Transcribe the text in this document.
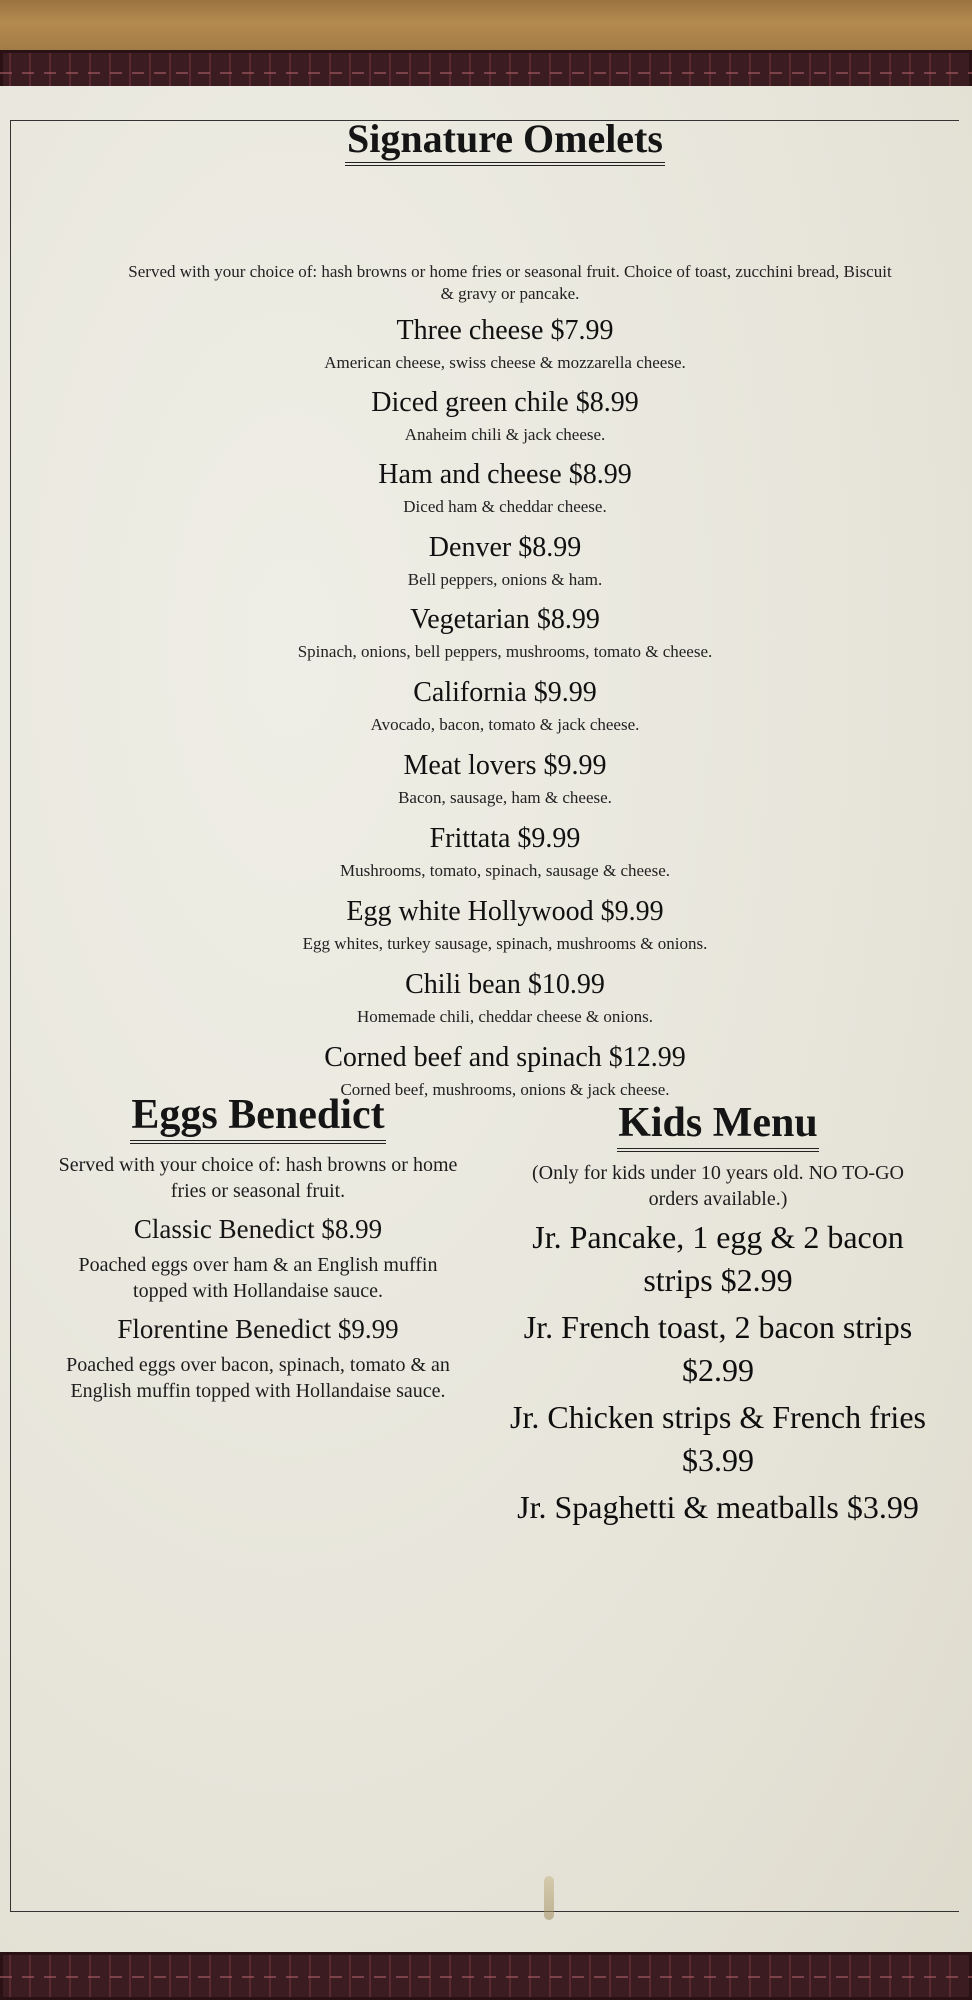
Signature Omelets
Served with your choice of: hash browns or home fries or seasonal fruit. Choice of toast, zucchini bread, Biscuit & gravy or pancake.
Three cheese $7.99
American cheese, swiss cheese & mozzarella cheese.
Diced green chile $8.99
Anaheim chili & jack cheese.
Ham and cheese $8.99
Diced ham & cheddar cheese.
Denver $8.99
Bell peppers, onions & ham.
Vegetarian $8.99
Spinach, onions, bell peppers, mushrooms, tomato & cheese.
California $9.99
Avocado, bacon, tomato & jack cheese.
Meat lovers $9.99
Bacon, sausage, ham & cheese.
Frittata $9.99
Mushrooms, tomato, spinach, sausage & cheese.
Egg white Hollywood $9.99
Egg whites, turkey sausage, spinach, mushrooms & onions.
Chili bean $10.99
Homemade chili, cheddar cheese & onions.
Corned beef and spinach $12.99
Corned beef, mushrooms, onions & jack cheese.
Eggs Benedict
Served with your choice of: hash browns or home fries or seasonal fruit.
Classic Benedict $8.99
Poached eggs over ham & an English muffin topped with Hollandaise sauce.
Florentine Benedict $9.99
Poached eggs over bacon, spinach, tomato & an English muffin topped with Hollandaise sauce.
Kids Menu
(Only for kids under 10 years old. NO TO-GO orders available.)
Jr. Pancake, 1 egg & 2 bacon strips $2.99
Jr. French toast, 2 bacon strips $2.99
Jr. Chicken strips & French fries $3.99
Jr. Spaghetti & meatballs $3.99
